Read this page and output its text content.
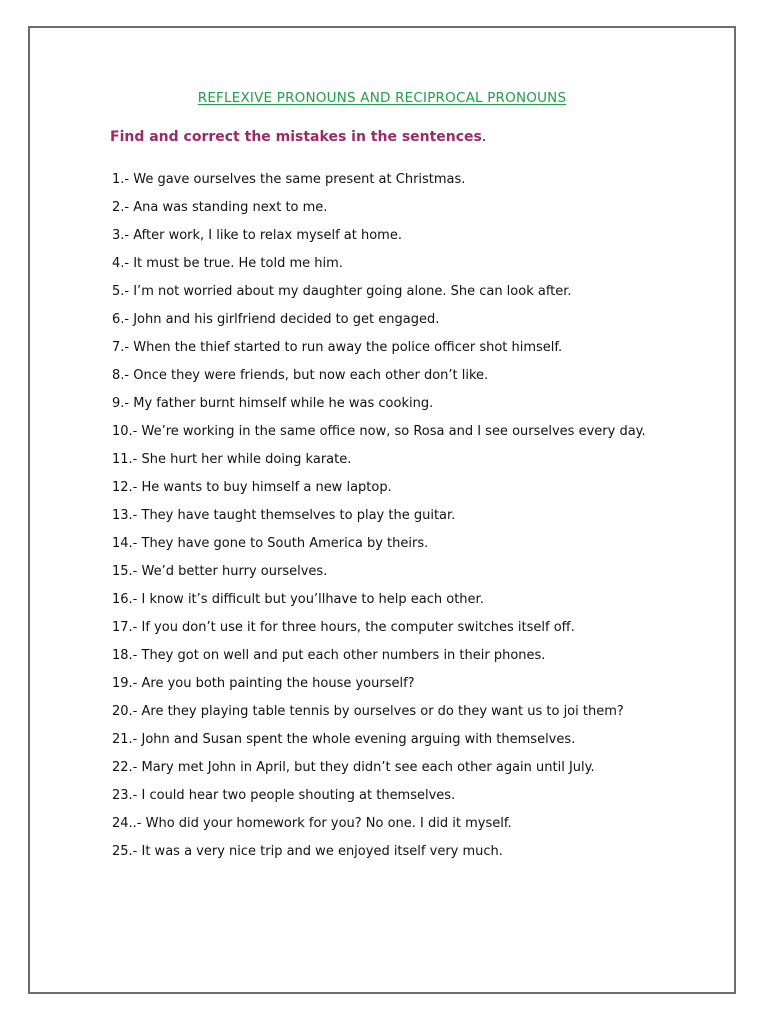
REFLEXIVE PRONOUNS AND RECIPROCAL PRONOUNS
Find and correct the mistakes in the sentences.
1.- We gave ourselves the same present at Christmas.
2.- Ana was standing next to me.
3.- After work, I like to relax myself at home.
4.- It must be true. He told me him.
5.- I’m not worried about my daughter going alone. She can look after.
6.- John and his girlfriend decided to get engaged.
7.- When the thief started to run away the police officer shot himself.
8.- Once they were friends, but now each other don’t like.
9.- My father burnt himself while he was cooking.
10.- We’re working in the same office now, so Rosa and I see ourselves every day.
11.- She hurt her while doing karate.
12.- He wants to buy himself a new laptop.
13.- They have taught themselves to play the guitar.
14.- They have gone to South America by theirs.
15.- We’d better hurry ourselves.
16.- I know it’s difficult but you’llhave to help each other.
17.- If you don’t use it for three hours, the computer switches itself off.
18.- They got on well and put each other numbers in their phones.
19.- Are you both painting the house yourself?
20.- Are they playing table tennis by ourselves or do they want us to joi them?
21.- John and Susan spent the whole evening arguing with themselves.
22.- Mary met John in April, but they didn’t see each other again until July.
23.- I could hear two people shouting at themselves.
24..- Who did your homework for you? No one. I did it myself.
25.- It was a very nice trip and we enjoyed itself very much.
